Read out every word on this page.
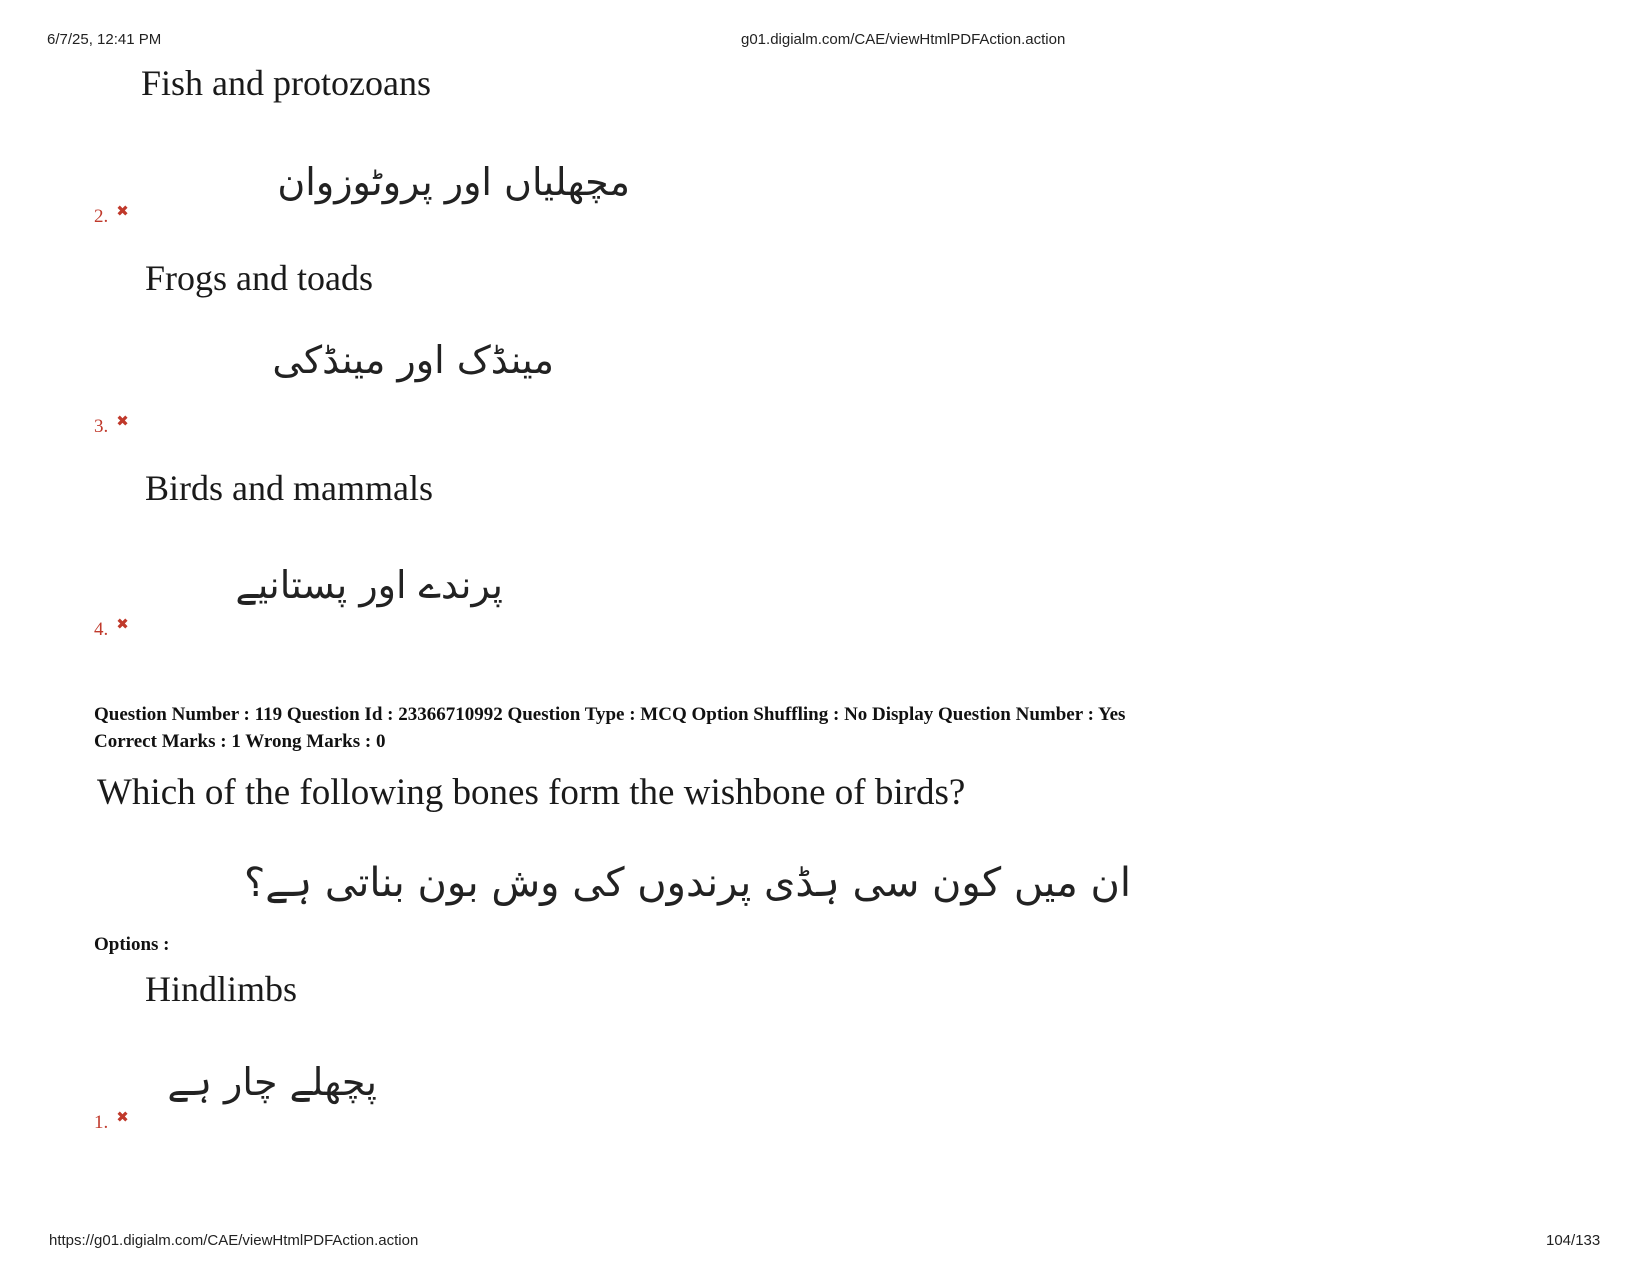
6/7/25, 12:41 PM	g01.digialm.com/CAE/viewHtmlPDFAction.action
Fish and protozoans
مچھلیاں اور پروٹوزوان
2. ✖
Frogs and toads
مینڈک اور مینڈکی
3. ✖
Birds and mammals
پرندے اور پستانیے
4. ✖
Question Number : 119 Question Id : 23366710992 Question Type : MCQ Option Shuffling : No Display Question Number : Yes
Correct Marks : 1 Wrong Marks : 0
Which of the following bones form the wishbone of birds?
ان میں کون سی ہڈی پرندوں کی وش بون بناتی ہے؟
Options :
Hindlimbs
پچھلے چار ہے
1. ✖
https://g01.digialm.com/CAE/viewHtmlPDFAction.action	104/133
